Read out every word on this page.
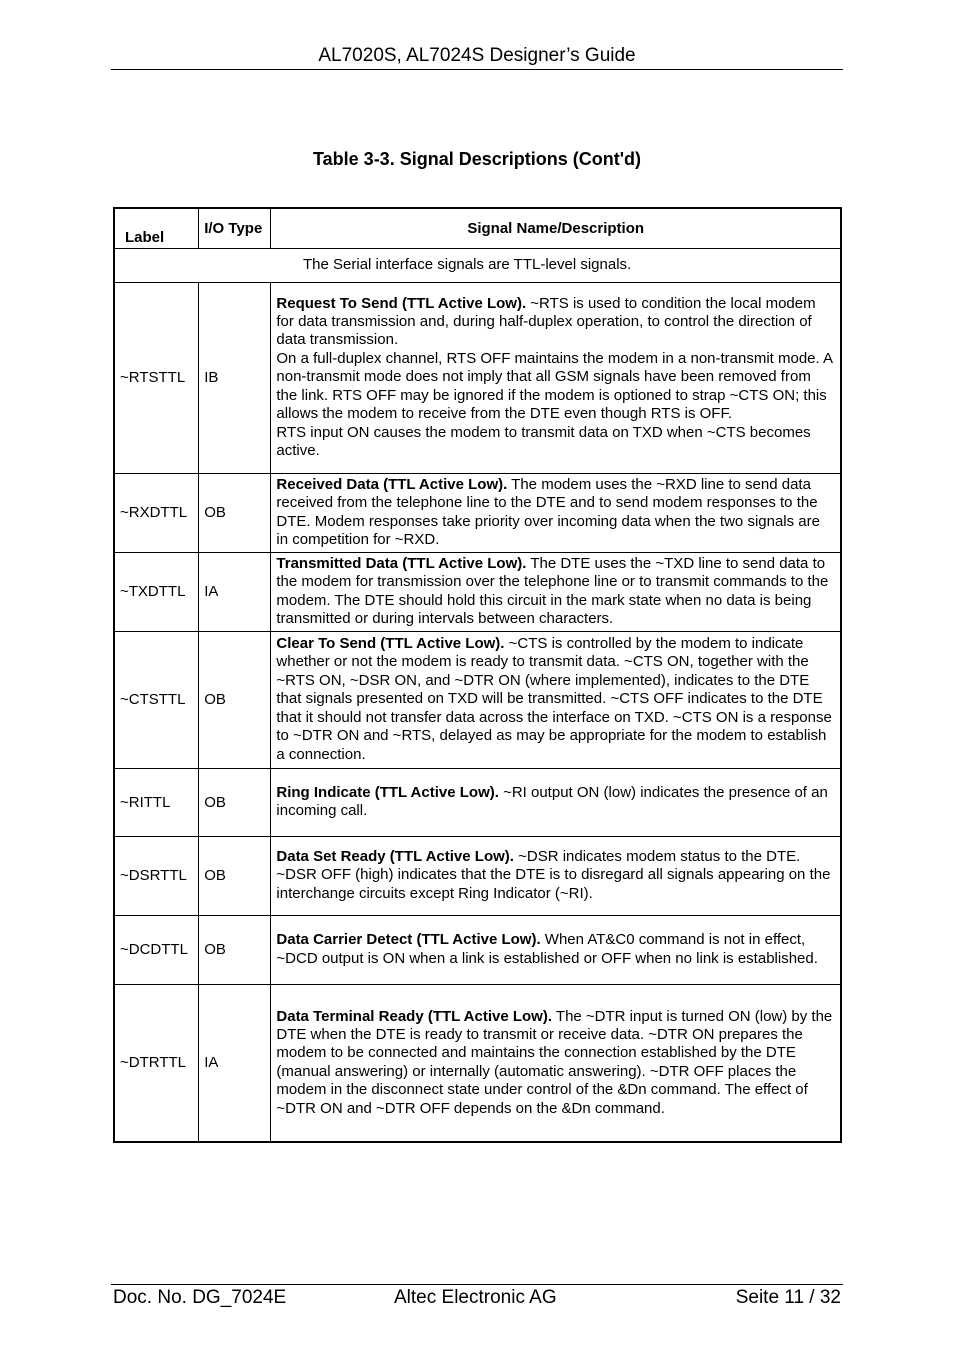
AL7020S, AL7024S Designer’s Guide
Table 3-3. Signal Descriptions (Cont'd)
Label	I/O Type	Signal Name/Description
The Serial interface signals are TTL-level signals.		
~RTSTTL	IB	Request To Send (TTL Active Low). ~RTS is used to condition the local modem for data transmission and, during half-duplex operation, to control the direction of data transmission.

On a full-duplex channel, RTS OFF maintains the modem in a non-transmit mode. A non-transmit mode does not imply that all GSM signals have been removed from the link. RTS OFF may be ignored if the modem is optioned to strap ~CTS ON; this allows the modem to receive from the DTE even though RTS is OFF.

RTS input ON causes the modem to transmit data on TXD when ~CTS becomes active.

~RXDTTL	OB	Received Data (TTL Active Low). The modem uses the ~RXD line to send data received from the telephone line to the DTE and to send modem responses to the DTE. Modem responses take priority over incoming data when the two signals are in competition for ~RXD.

~TXDTTL	IA	Transmitted Data (TTL Active Low). The DTE uses the ~TXD line to send data to the modem for transmission over the telephone line or to transmit commands to the modem. The DTE should hold this circuit in the mark state when no data is being transmitted or during intervals between characters.

~CTSTTL	OB	Clear To Send (TTL Active Low). ~CTS is controlled by the modem to indicate whether or not the modem is ready to transmit data. ~CTS ON, together with the ~RTS ON, ~DSR ON, and ~DTR ON (where implemented), indicates to the DTE that signals presented on TXD will be transmitted. ~CTS OFF indicates to the DTE that it should not transfer data across the interface on TXD. ~CTS ON is a response to ~DTR ON and ~RTS, delayed as may be appropriate for the modem to establish a connection.

~RITTL	OB	Ring Indicate (TTL Active Low). ~RI output ON (low) indicates the presence of an incoming call.

~DSRTTL	OB	Data Set Ready (TTL Active Low). ~DSR indicates modem status to the DTE. ~DSR OFF (high) indicates that the DTE is to disregard all signals appearing on the interchange circuits except Ring Indicator (~RI).

~DCDTTL	OB	Data Carrier Detect (TTL Active Low). When AT&C0 command is not in effect, ~DCD output is ON when a link is established or OFF when no link is established.

~DTRTTL	IA	Data Terminal Ready (TTL Active Low). The ~DTR input is turned ON (low) by the DTE when the DTE is ready to transmit or receive data. ~DTR ON prepares the modem to be connected and maintains the connection established by the DTE (manual answering) or internally (automatic answering). ~DTR OFF places the modem in the disconnect state under control of the &Dn command. The effect of ~DTR ON and ~DTR OFF depends on the &Dn command.

Doc. No. DG_7024E	Altec Electronic AG	Seite 11 / 32
